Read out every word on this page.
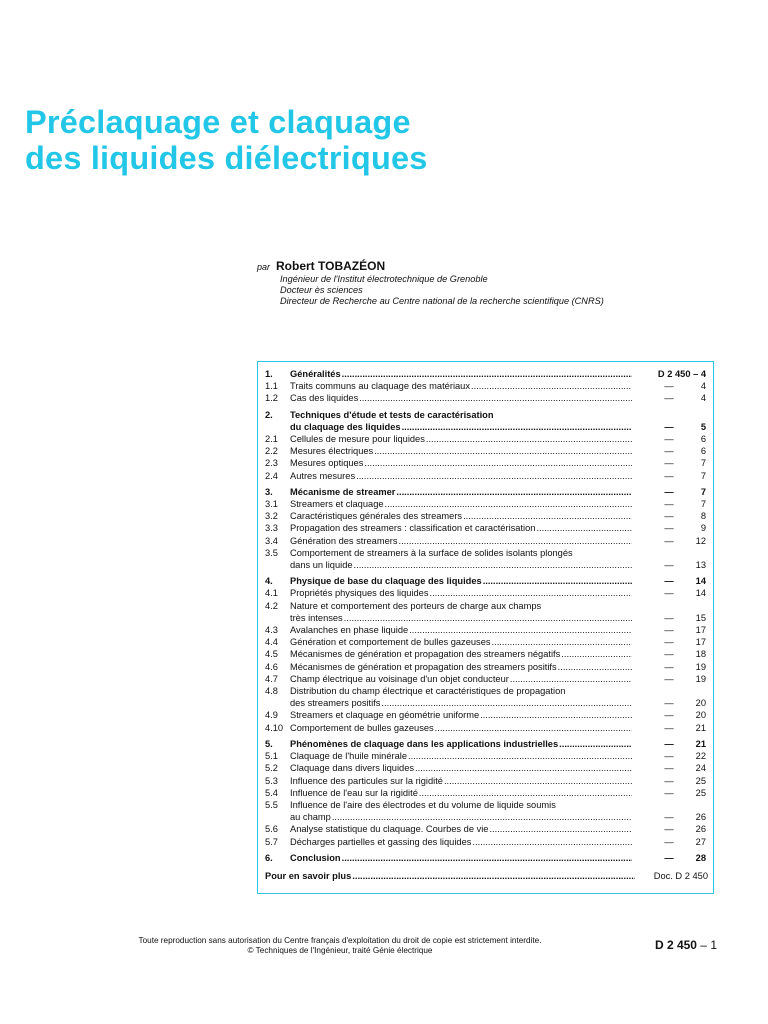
Préclaquage et claquage
des liquides diélectriques
par Robert TOBAZÉON
Ingénieur de l'Institut électrotechnique de Grenoble
Docteur ès sciences
Directeur de Recherche au Centre national de la recherche scientifique (CNRS)
1.	Généralités .....	D 2 450 – 4
1.1	Traits communs au claquage des matériaux .....	—	4
1.2	Cas des liquides .....	—	4
2.	Techniques d'étude et tests de caractérisation
du claquage des liquides .....	—	5
2.1	Cellules de mesure pour liquides .....	—	6
2.2	Mesures électriques .....	—	6
2.3	Mesures optiques .....	—	7
2.4	Autres mesures .....	—	7
3.	Mécanisme de streamer .....	—	7
3.1	Streamers et claquage .....	—	7
3.2	Caractéristiques générales des streamers .....	—	8
3.3	Propagation des streamers : classification et caractérisation .....	—	9
3.4	Génération des streamers .....	—	12
3.5	Comportement de streamers à la surface de solides isolants plongés
dans un liquide .....	—	13
4.	Physique de base du claquage des liquides .....	—	14
4.1	Propriétés physiques des liquides .....	—	14
4.2	Nature et comportement des porteurs de charge aux champs
très intenses .....	—	15
4.3	Avalanches en phase liquide .....	—	17
4.4	Génération et comportement de bulles gazeuses .....	—	17
4.5	Mécanismes de génération et propagation des streamers négatifs .....	—	18
4.6	Mécanismes de génération et propagation des streamers positifs .....	—	19
4.7	Champ électrique au voisinage d'un objet conducteur .....	—	19
4.8	Distribution du champ électrique et caractéristiques de propagation
des streamers positifs .....	—	20
4.9	Streamers et claquage en géométrie uniforme .....	—	20
4.10 Comportement de bulles gazeuses .....	—	21
5.	Phénomènes de claquage dans les applications industrielles .....	—	21
5.1	Claquage de l'huile minérale .....	—	22
5.2	Claquage dans divers liquides .....	—	24
5.3	Influence des particules sur la rigidité .....	—	25
5.4	Influence de l'eau sur la rigidité .....	—	25
5.5	Influence de l'aire des électrodes et du volume de liquide soumis
au champ .....	—	26
5.6	Analyse statistique du claquage. Courbes de vie .....	—	26
5.7	Décharges partielles et gassing des liquides .....	—	27
6.	Conclusion .....	—	28
Pour en savoir plus .....	Doc. D 2 450
Toute reproduction sans autorisation du Centre français d'exploitation du droit de copie est strictement interdite.
© Techniques de l'Ingénieur, traité Génie électrique	D 2 450 – 1
